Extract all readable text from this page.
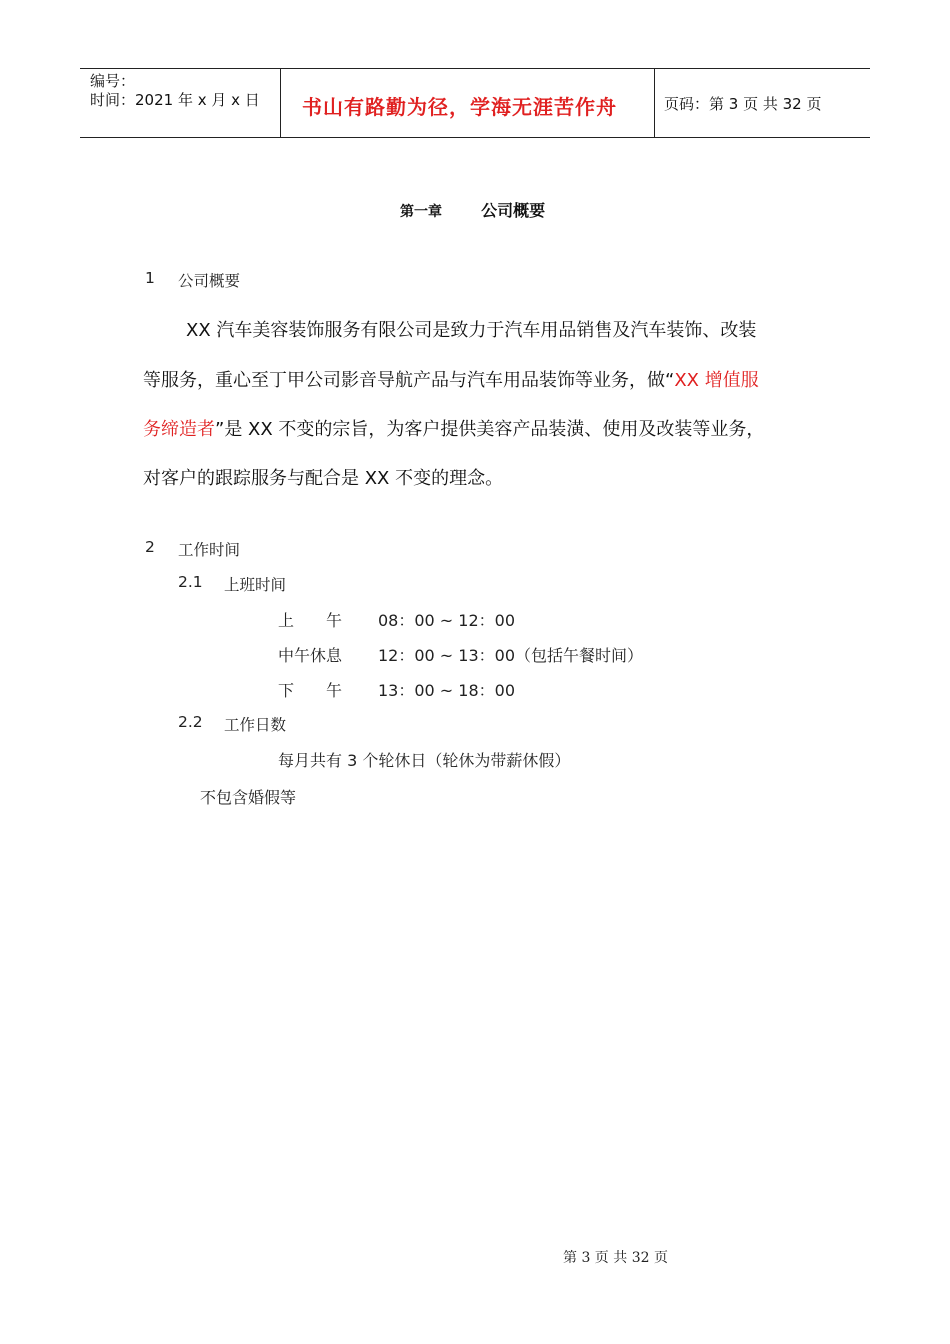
编号：
时间：2021 年 x 月 x 日 书山有路勤为径，学海无涯苦作舟	页码：第 3 页 共 32 页
第一章 公司概要
1 公司概要
XX 汽车美容装饰服务有限公司是致力于汽车用品销售及汽车装饰、改装
等服务，重心至丁甲公司影音导航产品与汽车用品装饰等业务，做“XX 增值服
务缔造者”是 XX 不变的宗旨，为客户提供美容产品装潢、使用及改装等业务，
对客户的跟踪服务与配合是 XX 不变的理念。
2 工作时间
2.1 上班时间
上　　午 08：00 ~ 12：00
中午休息 12：00 ~ 13：00（包括午餐时间）
下　　午 13：00 ~ 18：00
2.2 工作日数
每月共有 3 个轮休日（轮休为带薪休假）
不包含婚假等
第 3 页 共 32 页
